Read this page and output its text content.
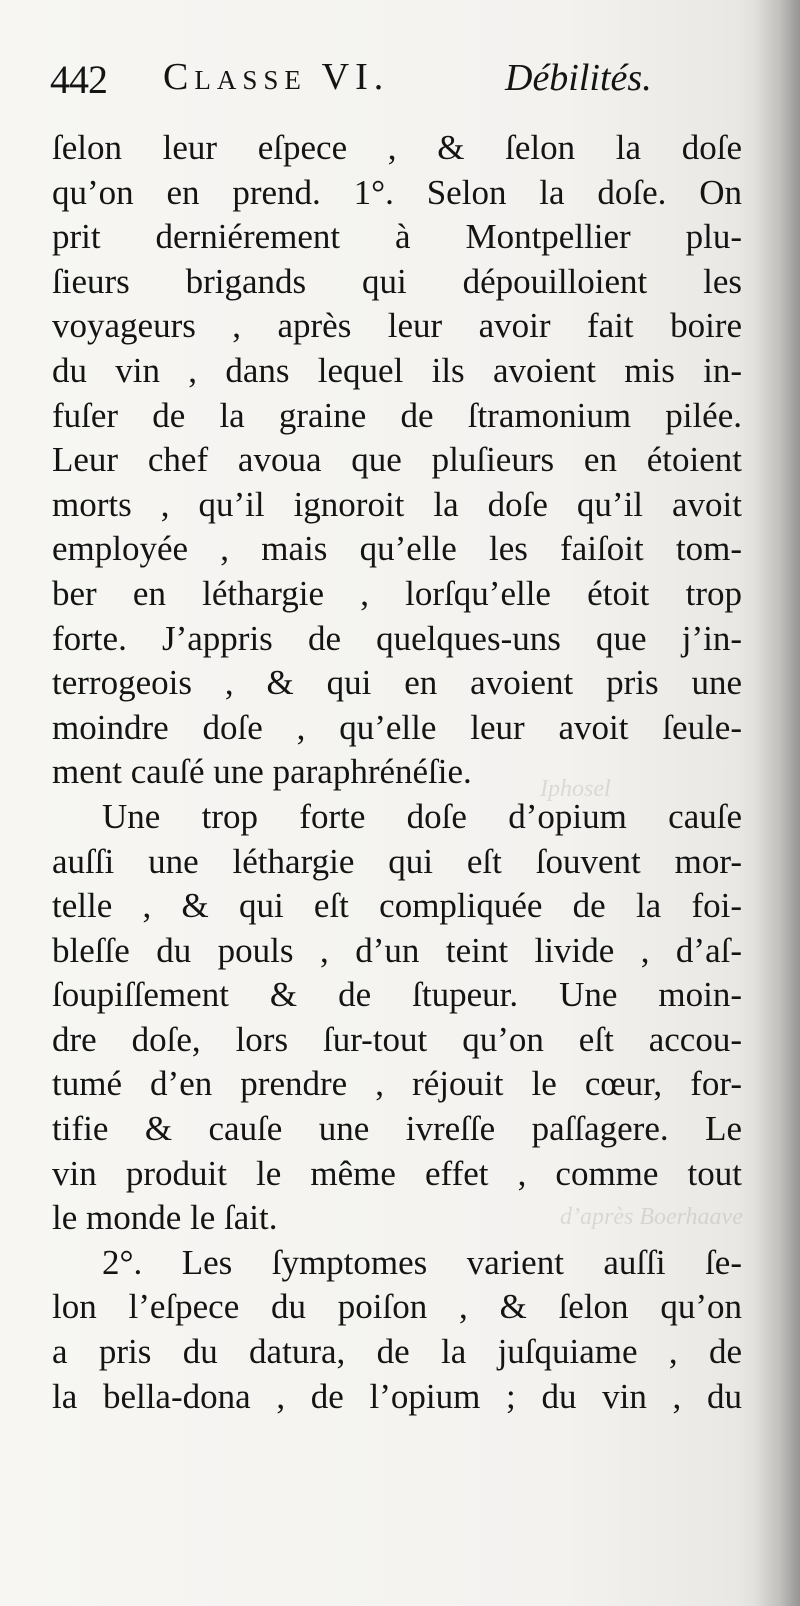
Iphosel
d’après Boerhaave
442 Classe VI.	Débilités.
ſelon leur eſpece , & ſelon la doſe
qu’on en prend. 1°. Selon la doſe. On
prit derniérement à Montpellier plu-
ſieurs brigands qui dépouilloient les
voyageurs , après leur avoir fait boire
du vin , dans lequel ils avoient mis in-
fuſer de la graine de ſtramonium pilée.
Leur chef avoua que pluſieurs en étoient
morts , qu’il ignoroit la doſe qu’il avoit
employée , mais qu’elle les faiſoit tom-
ber en léthargie , lorſqu’elle étoit trop
forte. J’appris de quelques-uns que j’in-
terrogeois , & qui en avoient pris une
moindre doſe , qu’elle leur avoit ſeule-
ment cauſé une paraphrénéſie.
Une trop forte doſe d’opium cauſe
auſſi une léthargie qui eſt ſouvent mor-
telle , & qui eſt compliquée de la foi-
bleſſe du pouls , d’un teint livide , d’aſ-
ſoupiſſement & de ſtupeur. Une moin-
dre doſe, lors ſur-tout qu’on eſt accou-
tumé d’en prendre , réjouit le cœur, for-
tifie & cauſe une ivreſſe paſſagere. Le
vin produit le même effet , comme tout
le monde le ſait.
2°. Les ſymptomes varient auſſi ſe-
lon l’eſpece du poiſon , & ſelon qu’on
a pris du datura, de la juſquiame , de
la bella-dona , de l’opium ; du vin , du
